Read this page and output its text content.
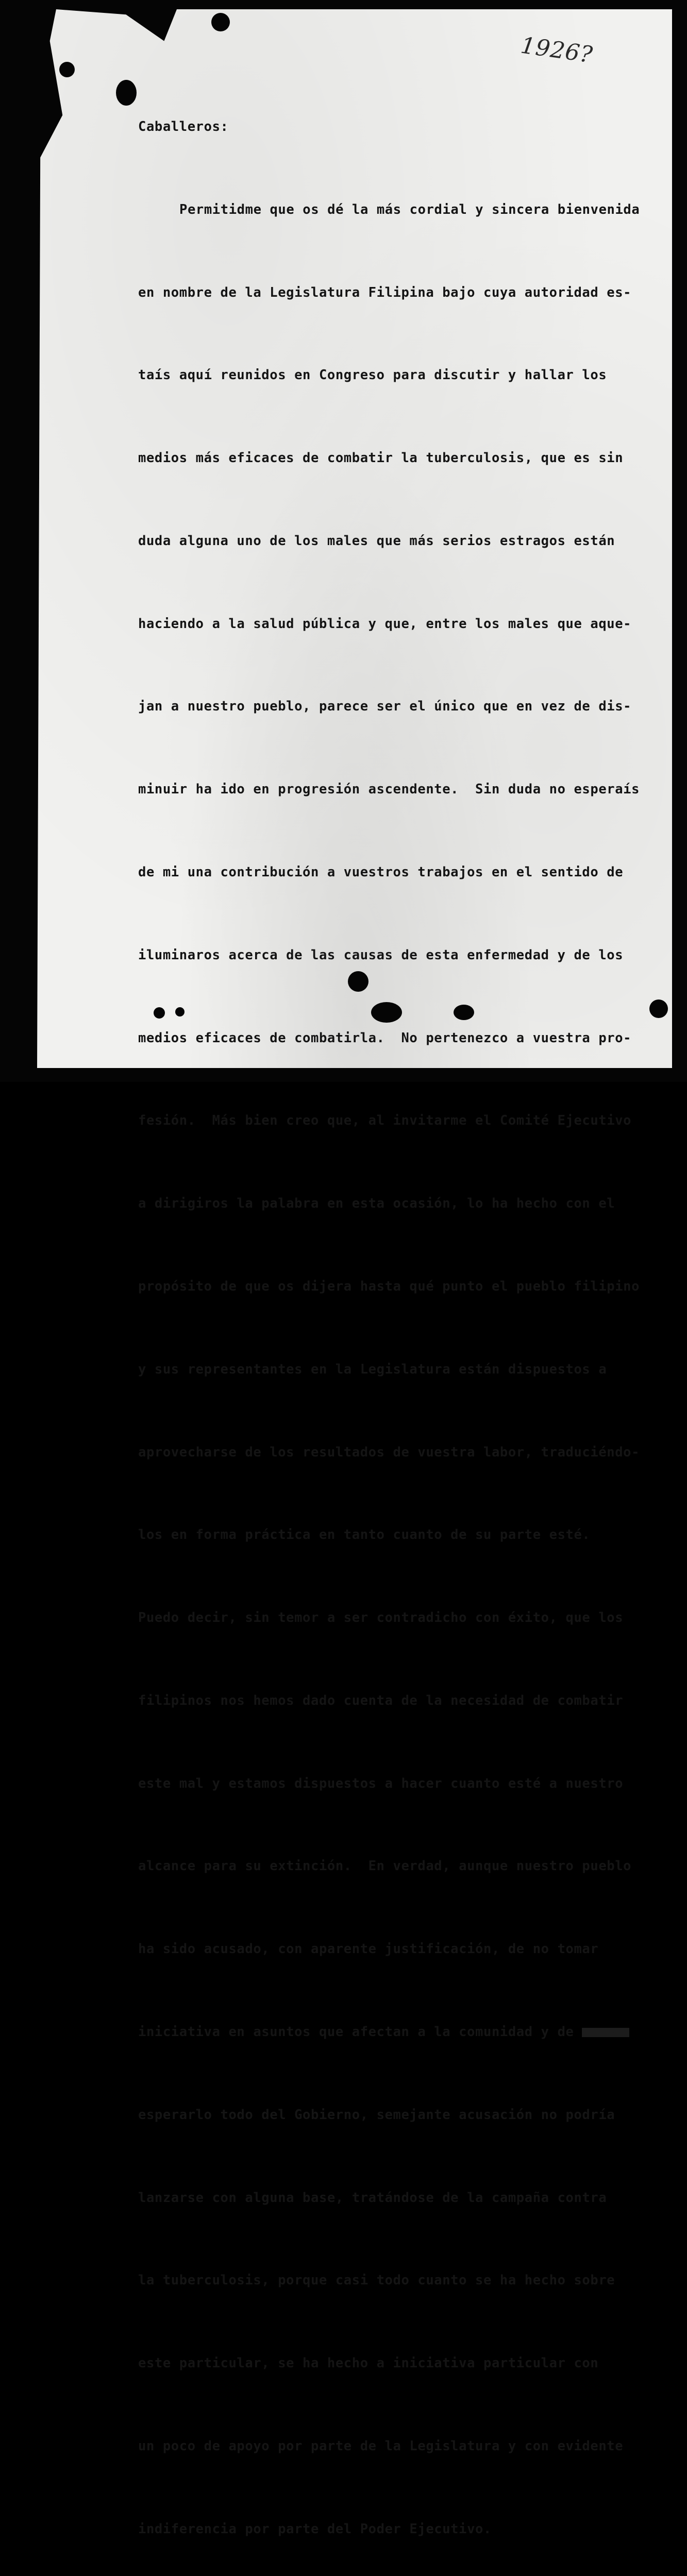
1926?

Caballeros:

Permitidme que os dé la más cordial y sincera bienvenida

en nombre de la Legislatura Filipina bajo cuya autoridad es-

taís aquí reunidos en Congreso para discutir y hallar los

medios más eficaces de combatir la tuberculosis, que es sin

duda alguna uno de los males que más serios estragos están

haciendo a la salud pública y que, entre los males que aque-

jan a nuestro pueblo, parece ser el único que en vez de dis-

minuir ha ido en progresión ascendente.  Sin duda no esperaís

de mi una contribución a vuestros trabajos en el sentido de

iluminaros acerca de las causas de esta enfermedad y de los

medios eficaces de combatirla.  No pertenezco a vuestra pro-

fesión.  Más bien creo que, al invitarme el Comité Ejecutivo

a dirigiros la palabra en esta ocasión, lo ha hecho con el

propósito de que os dijera hasta qué punto el pueblo filipino

y sus representantes en la Legislatura están dispuestos a

aprovecharse de los resultados de vuestra labor, traduciéndo-

los en forma práctica en tanto cuanto de su parte esté.

Puedo decir, sin temor a ser contradicho con éxito, que los

filipinos nos hemos dado cuenta de la necesidad de combatir

este mal y estamos dispuestos a hacer cuanto esté a nuestro

alcance para su extinción.  En verdad, aunque nuestro pueblo

ha sido acusado, con aparente justificación, de no tomar

iniciativa en asuntos que afectan a la comunidad y de xxxxxxxx

esperarlo todo del Gobierno, semejante acusación no podría

lanzarse con alguna base, tratándose de la campaña contra

la tuberculosis, porque casi todo cuanto se ha hecho sobre

este particular, se ha hecho a iniciativa particular con

un poco de apoyo por parte de la Legislatura y con evidente

indiferencia por parte del Poder Ejecutivo.
